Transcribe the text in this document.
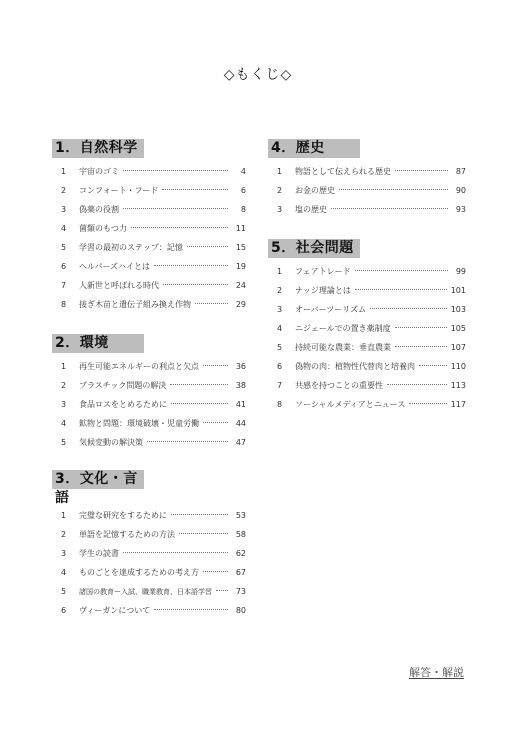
◇もくじ◇
1．自然科学
1	宇宙のゴミ	4
2	コンフォート・フード	6
3	偽薬の役割	8
4	菌類のもつ力	11
5	学習の最初のステップ：記憶	15
6	ヘルパーズハイとは	19
7	人新世と呼ばれる時代	24
8	接ぎ木苗と遺伝子組み換え作物	29
2．環境
1	再生可能エネルギーの利点と欠点	36
2	プラスチック問題の解決	38
3	食品ロスをとめるために	41
4	鉱物と問題：環境破壊・児童労働	44
5	気候変動の解決策	47
3．文化・言語
1	完璧な研究をするために	53
2	単語を記憶するための方法	58
3	学生の読書	62
4	ものごとを達成するための考え方	67
5	諸国の教育ー入試、職業教育、日本語学習	73
6	ヴィーガンについて	80
4．歴史
1	物語として伝えられる歴史	87
2	お金の歴史	90
3	塩の歴史	93
5．社会問題
1	フェアトレード	99
2	ナッジ理論とは	101
3	オーバーツーリズム	103
4	ニジェールでの置き薬制度	105
5	持続可能な農業：垂直農業	107
6	偽物の肉：植物性代替肉と培養肉	110
7	共感を持つことの重要性	113
8	ソーシャルメディアとニュース	117
解答・解説
